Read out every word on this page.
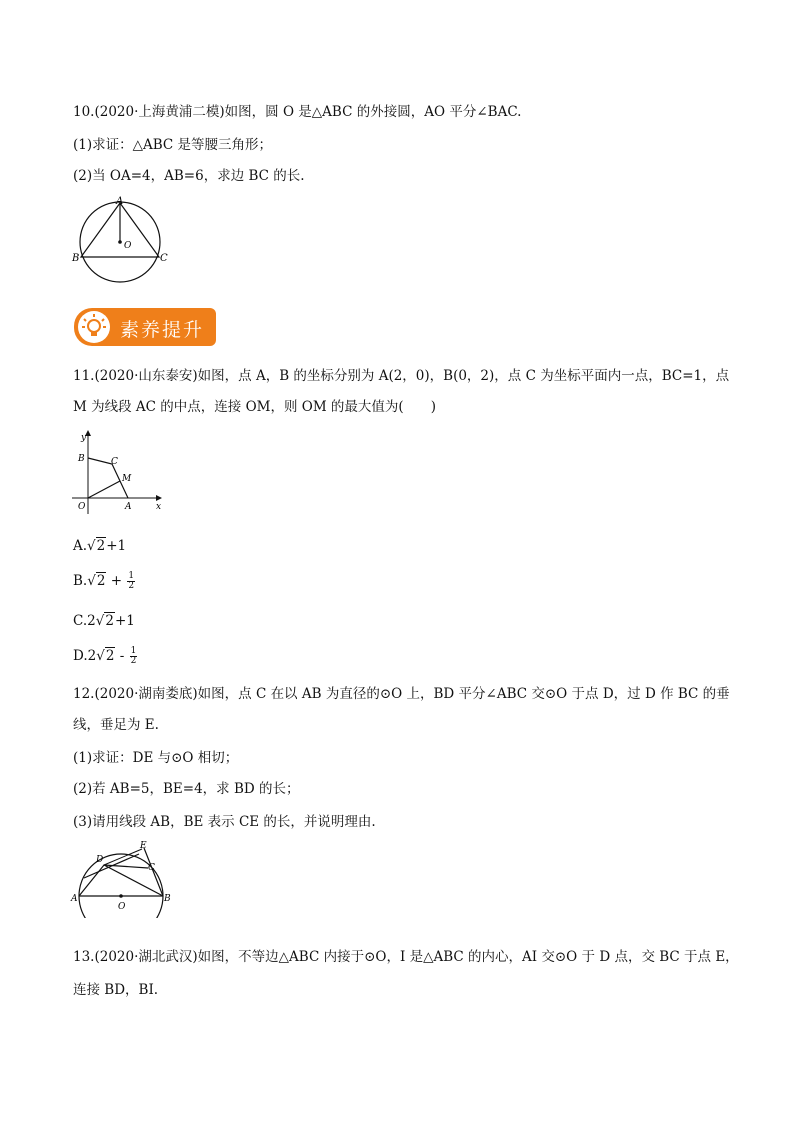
10.(2020·上海黄浦二模)如图，圆 O 是△ABC 的外接圆，AO 平分∠BAC.
(1)求证：△ABC 是等腰三角形；
(2)当 OA=4，AB=6，求边 BC 的长.
A
B	C
O
素养提升
11.(2020·山东泰安)如图，点 A，B 的坐标分别为 A(2，0)，B(0，2)，点 C 为坐标平面内一点，BC=1，点
M 为线段 AC 的中点，连接 OM，则 OM 的最大值为(　　)
y
x
B	C
M
O	A
A.√2+1
$B.√2 + \frac{1}{2}$
C.2√2+1
$D.2√2 - \frac{1}{2}$
12.(2020·湖南娄底)如图，点 C 在以 AB 为直径的⊙O 上，BD 平分∠ABC 交⊙O 于点 D，过 D 作 BC 的垂
线，垂足为 E.
(1)求证：DE 与⊙O 相切；
(2)若 AB=5，BE=4，求 BD 的长；
(3)请用线段 AB，BE 表示 CE 的长，并说明理由.
D
E
C
A
O
B
13.(2020·湖北武汉)如图，不等边△ABC 内接于⊙O，I 是△ABC 的内心，AI 交⊙O 于 D 点，交 BC 于点 E，
连接 BD，BI.
